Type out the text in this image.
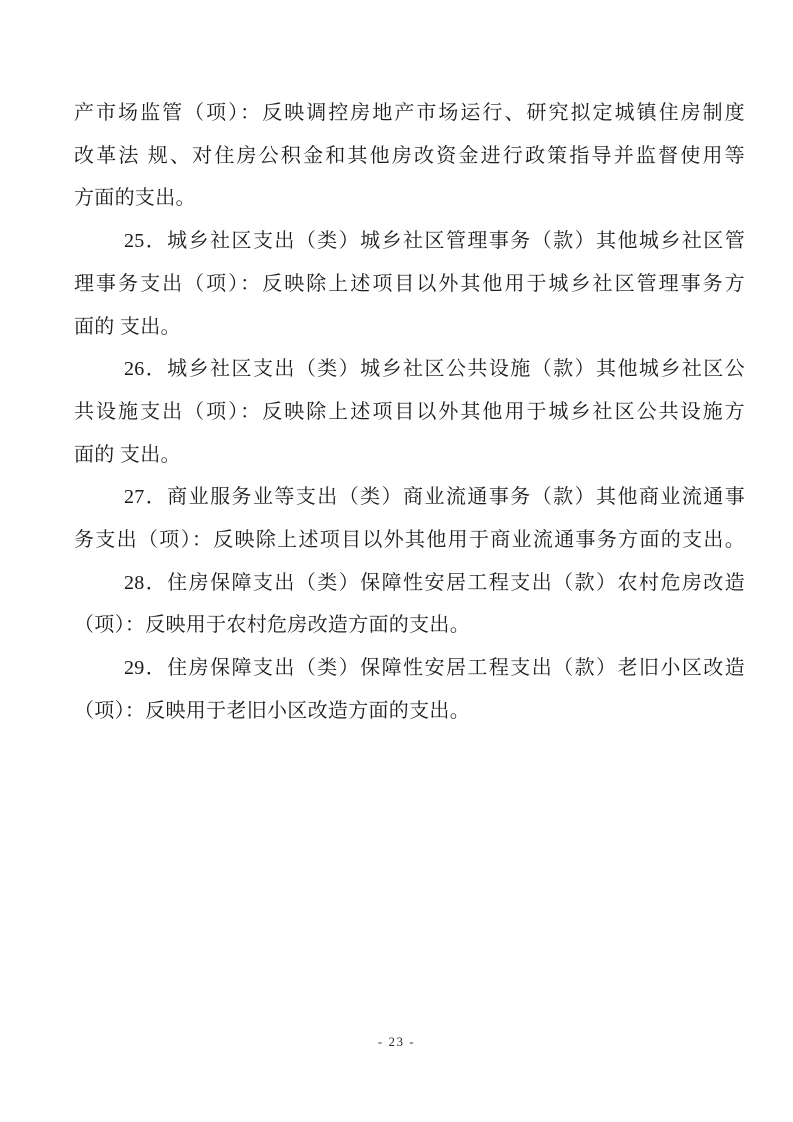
产市场监管（项）：反映调控房地产市场运行、研究拟定城镇住房制度
改革法 规、对住房公积金和其他房改资金进行政策指导并监督使用等
方面的支出。
25．城乡社区支出（类）城乡社区管理事务（款）其他城乡社区管
理事务支出（项）：反映除上述项目以外其他用于城乡社区管理事务方
面的 支出。
26．城乡社区支出（类）城乡社区公共设施（款）其他城乡社区公
共设施支出（项）：反映除上述项目以外其他用于城乡社区公共设施方
面的 支出。
27．商业服务业等支出（类）商业流通事务（款）其他商业流通事
务支出（项）：反映除上述项目以外其他用于商业流通事务方面的支出。
28．住房保障支出（类）保障性安居工程支出（款）农村危房改造
（项）：反映用于农村危房改造方面的支出。
29．住房保障支出（类）保障性安居工程支出（款）老旧小区改造
（项）：反映用于老旧小区改造方面的支出。
- 23 -
